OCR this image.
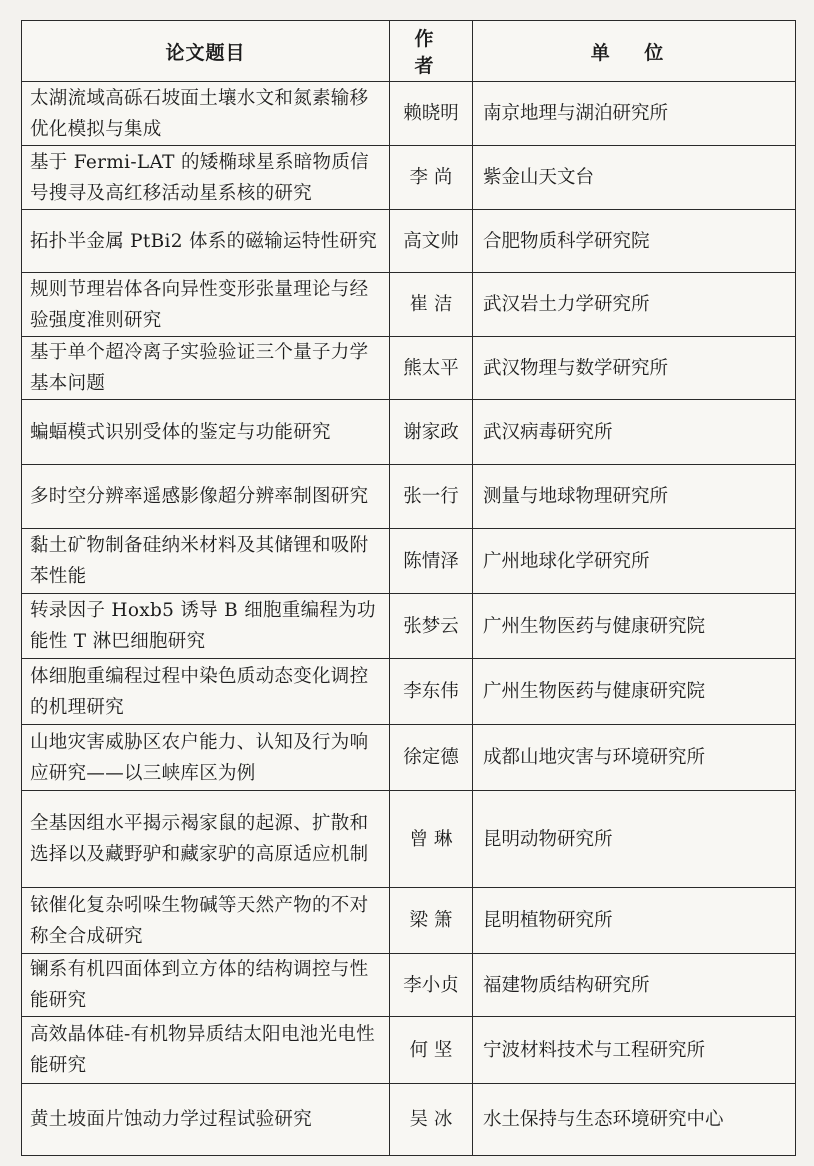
论文题目	作 者	单 位
太湖流域高砾石坡面土壤水文和氮素输移优化模拟与集成	赖晓明	南京地理与湖泊研究所
基于 Fermi-LAT 的矮椭球星系暗物质信号搜寻及高红移活动星系核的研究	李 尚	紫金山天文台
拓扑半金属 PtBi2 体系的磁输运特性研究	高文帅	合肥物质科学研究院
规则节理岩体各向异性变形张量理论与经验强度准则研究	崔 洁	武汉岩土力学研究所
基于单个超冷离子实验验证三个量子力学基本问题	熊太平	武汉物理与数学研究所
蝙蝠模式识别受体的鉴定与功能研究	谢家政	武汉病毒研究所
多时空分辨率遥感影像超分辨率制图研究	张一行	测量与地球物理研究所
黏土矿物制备硅纳米材料及其储锂和吸附苯性能	陈情泽	广州地球化学研究所
转录因子 Hoxb5 诱导 B 细胞重编程为功能性 T 淋巴细胞研究	张梦云	广州生物医药与健康研究院
体细胞重编程过程中染色质动态变化调控的机理研究	李东伟	广州生物医药与健康研究院
山地灾害威胁区农户能力、认知及行为响应研究——以三峡库区为例	徐定德	成都山地灾害与环境研究所
全基因组水平揭示褐家鼠的起源、扩散和选择以及藏野驴和藏家驴的高原适应机制	曾 琳	昆明动物研究所
铱催化复杂吲哚生物碱等天然产物的不对称全合成研究	梁 箫	昆明植物研究所
镧系有机四面体到立方体的结构调控与性能研究	李小贞	福建物质结构研究所
高效晶体硅-有机物异质结太阳电池光电性能研究	何 坚	宁波材料技术与工程研究所
黄土坡面片蚀动力学过程试验研究	吴 冰	水土保持与生态环境研究中心
